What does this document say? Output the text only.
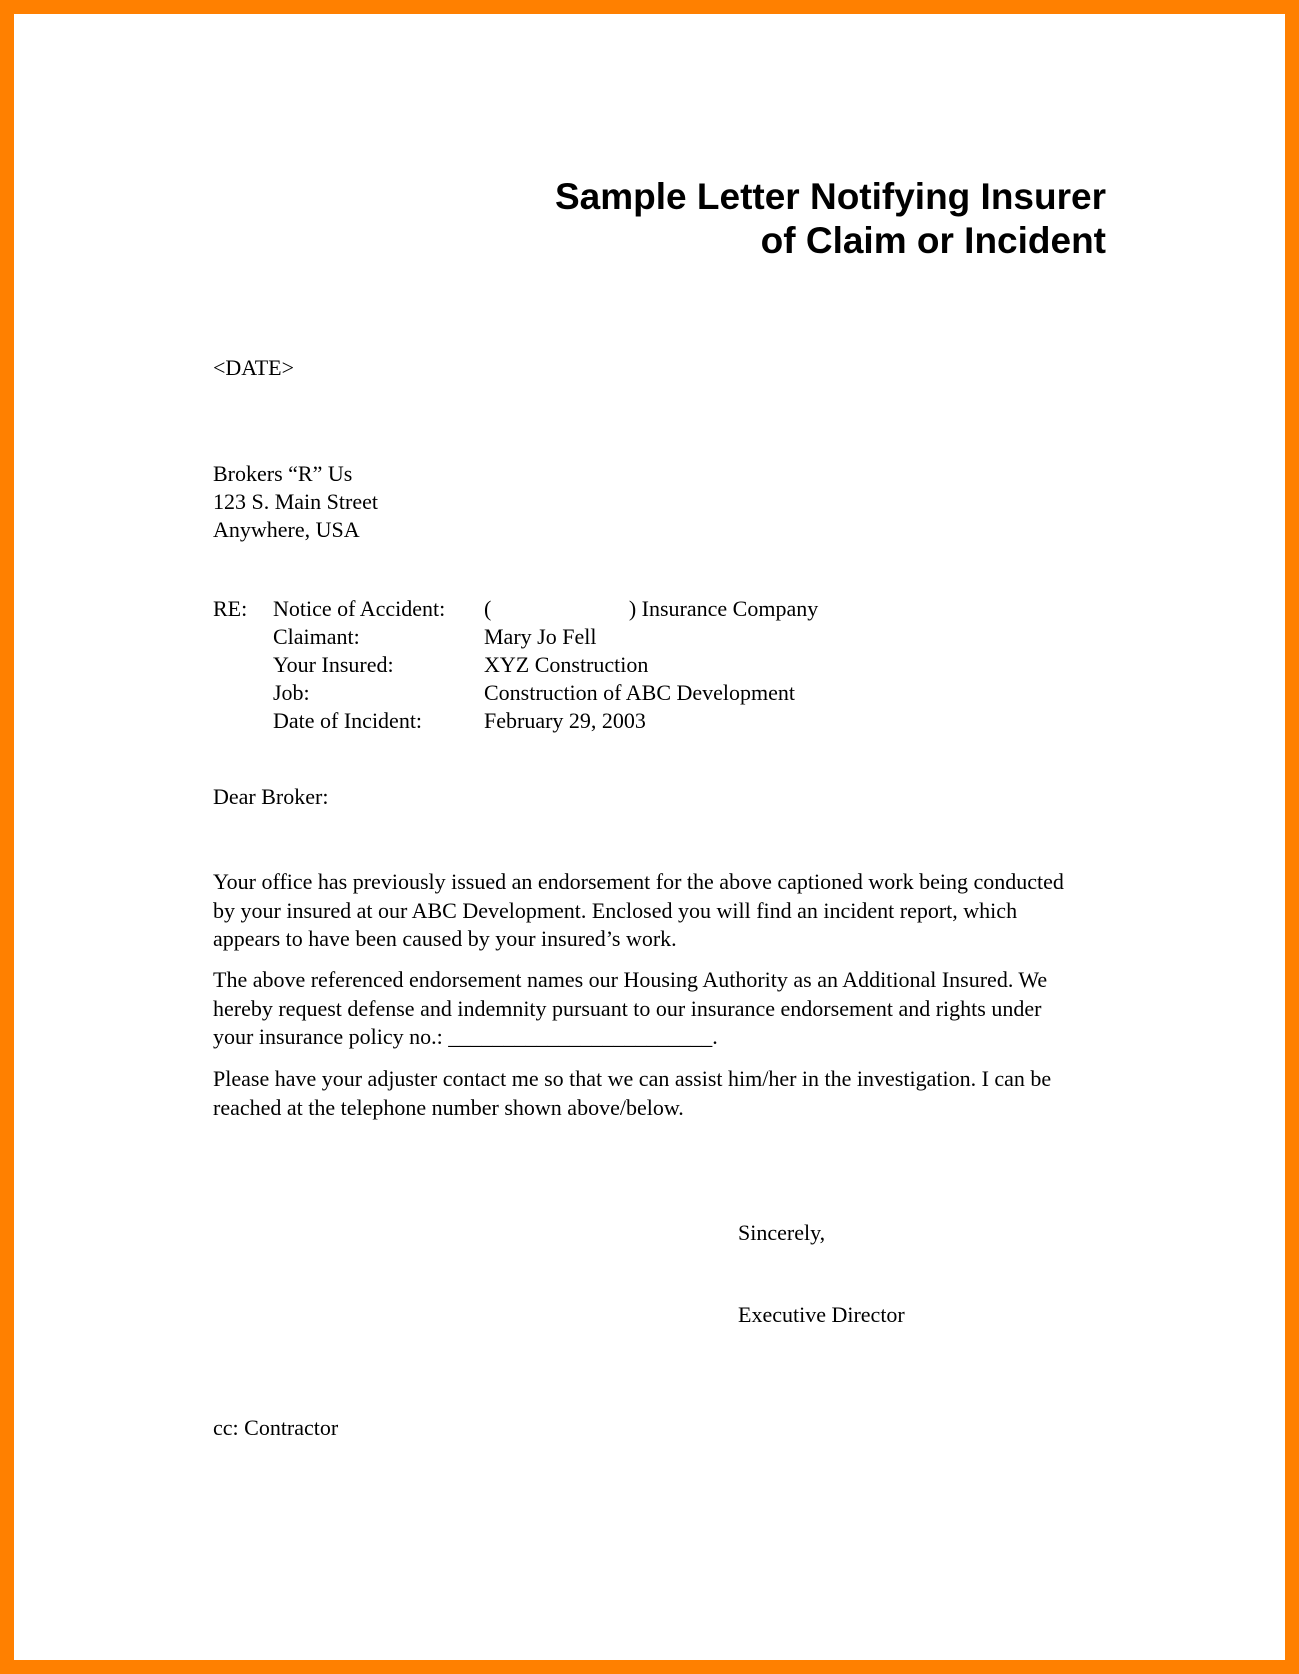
Sample Letter Notifying Insurer
of Claim or Incident
<DATE>
Brokers “R” Us
123 S. Main Street
Anywhere, USA
RE: Notice of Accident: (                         ) Insurance Company
Claimant:	Mary Jo Fell
Your Insured:	XYZ Construction
Job:	Construction of ABC Development
Date of Incident:	February 29, 2003
Dear Broker:
Your office has previously issued an endorsement for the above captioned work being conducted
by your insured at our ABC Development. Enclosed you will find an incident report, which
appears to have been caused by your insured’s work.
The above referenced endorsement names our Housing Authority as an Additional Insured. We
hereby request defense and indemnity pursuant to our insurance endorsement and rights under
your insurance policy no.: ________________________.
Please have your adjuster contact me so that we can assist him/her in the investigation. I can be
reached at the telephone number shown above/below.
Sincerely,
Executive Director
cc: Contractor
